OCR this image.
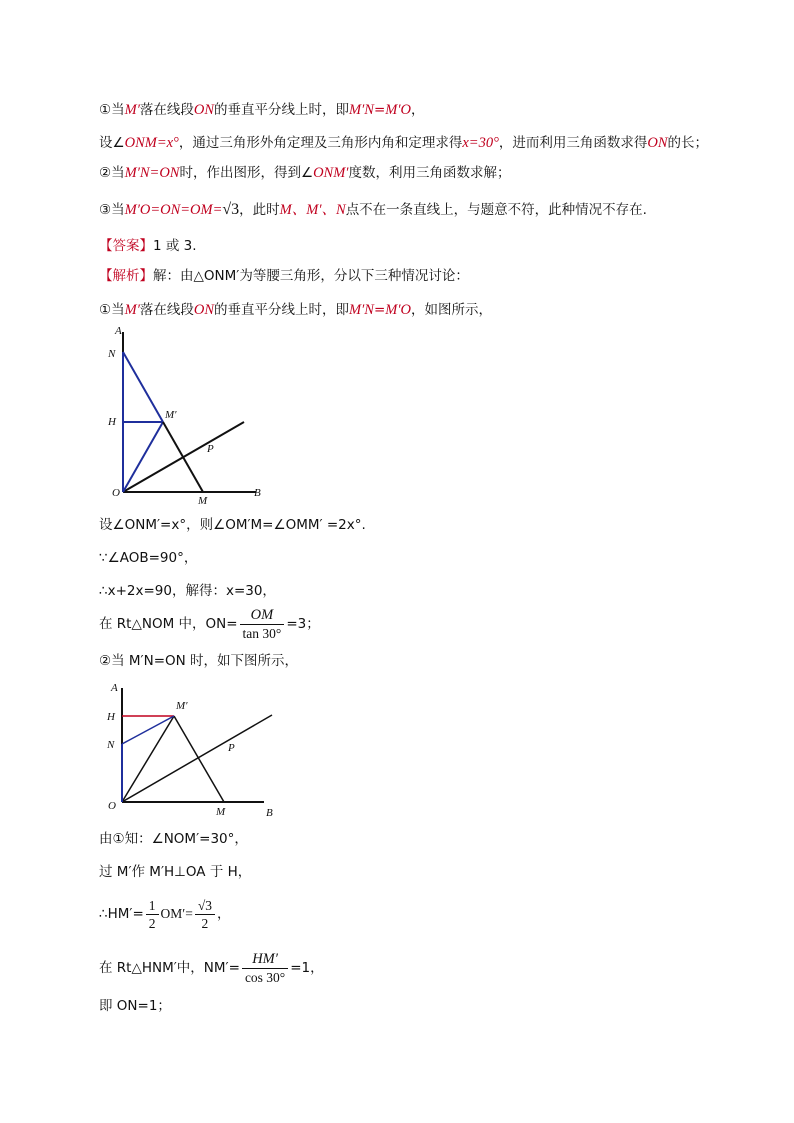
①当M′落在线段ON的垂直平分线上时，即M′N=M′O，
设∠ONM=x°，通过三角形外角定理及三角形内角和定理求得x=30°，进而利用三角函数求得ON的长；
②当M′N=ON时，作出图形，得到∠ONM′度数，利用三角函数求解；
③当M′O=ON=OM=√3，此时M、M′、N点不在一条直线上，与题意不符，此种情况不存在.
【答案】1 或 3.
【解析】解：由△ONM′为等腰三角形，分以下三种情况讨论：
①当M′落在线段ON的垂直平分线上时，即M′N=M′O，如图所示，
A
N
H
M′
P
O
M
B
设∠ONM′=x°，则∠OM′M=∠OMM′ =2x°.
∵∠AOB=90°，
∴x+2x=90，解得：x=30，
在 Rt△NOM 中，$ON= \frac{OM}{\tan 30^\circ} =3$；
②当 M′N=ON 时，如下图所示，
A
H
M′
N	P
O	M	B
由①知：∠NOM′=30°，
过 M′作 M′H⊥OA 于 H，
∴HM′= $\frac{1}{2} OM'= \frac{√3}{2}$ ，
在 Rt△HNM′中，$NM'= \frac{HM'}{\cos 30^\circ} =1$，
即 ON=1；
